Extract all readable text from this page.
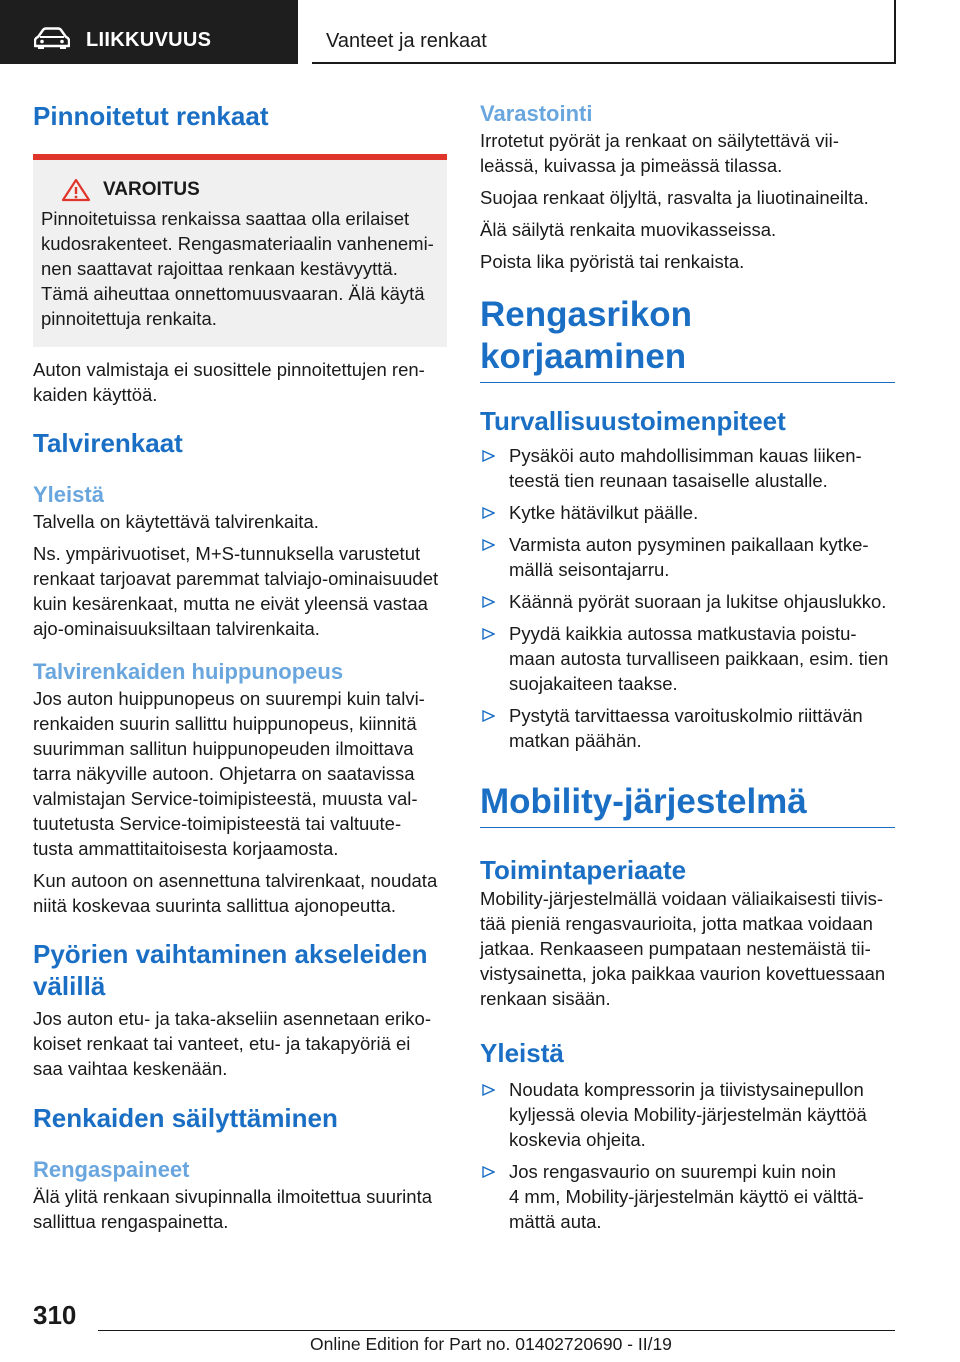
LIIKKUVUUS	Vanteet ja renkaat
Pinnoitetut renkaat
VAROITUS
Pinnoitetuissa renkaissa saattaa olla erilaiset
kudosrakenteet. Rengasmateriaalin vanhenemi-
nen saattavat rajoittaa renkaan kestävyyttä.
Tämä aiheuttaa onnettomuusvaaran. Älä käytä
pinnoitettuja renkaita.
Auton valmistaja ei suosittele pinnoitettujen ren-
kaiden käyttöä.
Talvirenkaat
Yleistä
Talvella on käytettävä talvirenkaita.
Ns. ympärivuotiset, M+S-tunnuksella varustetut
renkaat tarjoavat paremmat talviajo-ominaisuudet
kuin kesärenkaat, mutta ne eivät yleensä vastaa
ajo-ominaisuuksiltaan talvirenkaita.
Talvirenkaiden huippunopeus
Jos auton huippunopeus on suurempi kuin talvi-
renkaiden suurin sallittu huippunopeus, kiinnitä
suurimman sallitun huippunopeuden ilmoittava
tarra näkyville autoon. Ohjetarra on saatavissa
valmistajan Service-toimipisteestä, muusta val-
tuutetusta Service-toimipisteestä tai valtuute-
tusta ammattitaitoisesta korjaamosta.
Kun autoon on asennettuna talvirenkaat, noudata
niitä koskevaa suurinta sallittua ajonopeutta.
Pyörien vaihtaminen akseleiden
välillä
Jos auton etu- ja taka-akseliin asennetaan eriko-
koiset renkaat tai vanteet, etu- ja takapyöriä ei
saa vaihtaa keskenään.
Renkaiden säilyttäminen
Rengaspaineet
Älä ylitä renkaan sivupinnalla ilmoitettua suurinta
sallittua rengaspainetta.
Varastointi
Irrotetut pyörät ja renkaat on säilytettävä vii-
leässä, kuivassa ja pimeässä tilassa.
Suojaa renkaat öljyltä, rasvalta ja liuotinaineilta.
Älä säilytä renkaita muovikasseissa.
Poista lika pyöristä tai renkaista.
Rengasrikon korjaaminen
Turvallisuustoimenpiteet
Pysäköi auto mahdollisimman kauas liiken-
teestä tien reunaan tasaiselle alustalle.
Kytke hätävilkut päälle.
Varmista auton pysyminen paikallaan kytke-
mällä seisontajarru.
Käännä pyörät suoraan ja lukitse ohjauslukko.
Pyydä kaikkia autossa matkustavia poistu-
maan autosta turvalliseen paikkaan, esim. tien
suojakaiteen taakse.
Pystytä tarvittaessa varoituskolmio riittävän
matkan päähän.
Mobility-järjestelmä
Toimintaperiaate
Mobility-järjestelmällä voidaan väliaikaisesti tiivis-
tää pieniä rengasvaurioita, jotta matkaa voidaan
jatkaa. Renkaaseen pumpataan nestemäistä tii-
vistysainetta, joka paikkaa vaurion kovettuessaan
renkaan sisään.
Yleistä
Noudata kompressorin ja tiivistysainepullon
kyljessä olevia Mobility-järjestelmän käyttöä
koskevia ohjeita.
Jos rengasvaurio on suurempi kuin noin
4 mm, Mobility-järjestelmän käyttö ei välttä-
mättä auta.
310
Online Edition for Part no. 01402720690 - II/19
